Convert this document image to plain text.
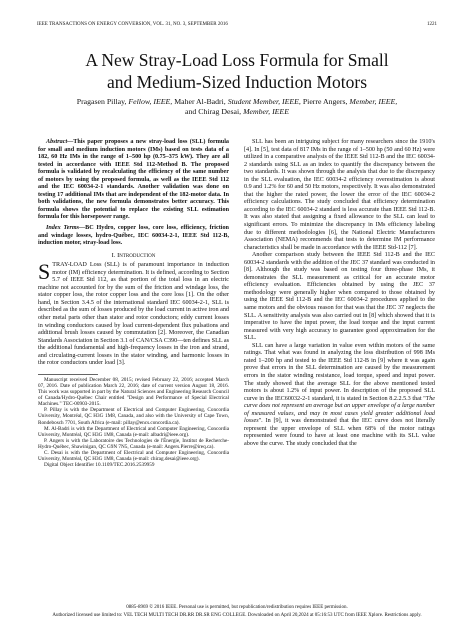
IEEE TRANSACTIONS ON ENERGY CONVERSION, VOL. 31, NO. 3, SEPTEMBER 2016	1221
A New Stray-Load Loss Formula for Small
and Medium-Sized Induction Motors
Pragasen Pillay, Fellow, IEEE, Maher Al-Badri, Student Member, IEEE, Pierre Angers, Member, IEEE,
and Chirag Desai, Member, IEEE

Abstract—This paper proposes a new stray-load loss (SLL) formula for small and medium induction motors (IMs) based on tests data of a 182, 60 Hz IMs in the range of 1–500 hp (0.75–375 kW). They are all tested in accordance with IEEE Std 112-Method B. The proposed formula is validated by recalculating the efficiency of the same number of motors by using the proposed formula, as well as the IEEE Std 112 and the IEC 60034-2-1 standards. Another validation was done on testing 17 additional IMs that are independent of the 182-motor data. In both validations, the new formula demonstrates better accuracy. This formula shows the potential to replace the existing SLL estimation formula for this horsepower range.

Index Terms—BC Hydro, copper loss, core loss, efficiency, friction and windage losses, hydro-Québec, IEC 60034-2-1, IEEE Std 112-B, induction motor, stray-load loss.

I. Introduction

STRAY-LOAD Loss (SLL) is of paramount importance in induction motor (IM) efficiency determination. It is defined, according to Section 5.7 of IEEE Std 112, as that portion of the total loss in an electric machine not accounted for by the sum of the friction and windage loss, the stator copper loss, the rotor copper loss and the core loss [1]. On the other hand, in Section 3.4.5 of the international standard IEC 60034-2-1, SLL is described as the sum of losses produced by the load current in active iron and other metal parts other than stator and rotor conductors; eddy current losses in winding conductors caused by load current-dependent flux pulsations and additional brush losses caused by commutation [2]. Moreover, the Canadian Standards Association in Section 3.1 of CAN/CSA C390—ten defines SLL as the additional fundamental and high-frequency losses in the iron and strand, and circulating-current losses in the stator winding, and harmonic losses in the rotor conductors under load [3].

Manuscript received December 08, 2015; revised February 22, 2016; accepted March 07, 2016. Date of publication March 22, 2016; date of current version August 18, 2016. This work was supported in part by the Natural Sciences and Engineering Research Council of Canada/Hydro-Québec Chair entitled "Design and Performance of Special Electrical Machines." TEC-00903-2015.

P. Pillay is with the Department of Electrical and Computer Engineering, Concordia University, Montréal, QC H3G 1M8, Canada, and also with the University of Cape Town, Rondebosch 7701, South Africa (e-mail: pillay@encs.concordia.ca).

M. Al-Badri is with the Department of Electrical and Computer Engineering, Concordia University, Montréal, QC H3G 1M8, Canada (e-mail: albadri@ieee.org).

P. Angers is with the Laboratoire des Technologies de l'Énergie, Institut de Recherche-Hydro-Québec, Shawinigan, QC G9N 7N5, Canada (e-mail: Angers.Pierre@ireq.ca).

C. Desai is with the Department of Electrical and Computer Engineering, Concordia University, Montréal, QC H3G 1M8, Canada (e-mail: chirag.desai@ieee.org).

Digital Object Identifier 10.1109/TEC.2016.2539959

SLL has been an intriguing subject for many researchers since the 1910's [4]. In [5], test data of 817 IMs in the range of 1–500 hp (50 and 60 Hz) were utilized in a comparative analysis of the IEEE Std 112-B and the IEC 60034-2 standards using SLL as an index to quantify the discrepancy between the two standards. It was shown through the analysis that due to the discrepancy in the SLL evaluation, the IEC 60034-2 efficiency overestimation is about 0.9 and 1.2% for 60 and 50 Hz motors, respectively. It was also demonstrated that the higher the rated power, the lower the error of the IEC 60034-2 efficiency calculations. The study concluded that efficiency determination according to the IEC 60034-2 standard is less accurate than IEEE Std 112-B. It was also stated that assigning a fixed allowance to the SLL can lead to significant errors. To minimize the discrepancy in IMs efficiency labeling due to different methodologies [6], the National Electric Manufacturers Association (NEMA) recommends that tests to determine IM performance characteristics shall be made in accordance with the IEEE Std-112 [7].

Another comparison study between the IEEE Std 112-B and the IEC 60034-2 standards with the addition of the JEC 37 standard was conducted in [8]. Although the study was based on testing four three-phase IMs, it demonstrates the SLL measurement as critical for an accurate motor efficiency evaluation. Efficiencies obtained by using the JEC 37 methodology were generally higher when compared to those obtained by using the IEEE Std 112-B and the IEC 60034-2 procedures applied to the same motors and the obvious reason for that was that the JEC 37 neglects the SLL. A sensitivity analysis was also carried out in [8] which showed that it is imperative to have the input power, the load torque and the input current measured with very high accuracy to guarantee good approximation for the SLL.

SLL can have a large variation in value even within motors of the same ratings. That what was found in analyzing the loss distribution of 998 IMs rated 1–200 hp and tested to the IEEE Std 112-B in [9] where it was again prove that errors in the SLL determination are caused by the measurement errors in the stator winding resistance, load torque, speed and input power. The study showed that the average SLL for the above mentioned tested motors is about 1.2% of input power. In description of the proposed SLL curve in the IEC60032-2-1 standard, it is stated in Section 8.2.2.5.3 that "The curve does not represent an average but an upper envelope of a large number of measured values, and may in most cases yield greater additional load losses". In [9], it was demonstrated that the IEC curve does not literally represent the upper envelope of SLL when 68% of the motor ratings represented were found to have at least one machine with its SLL value above the curve. The study concluded that the

0885-8969 © 2016 IEEE. Personal use is permitted, but republication/redistribution requires IEEE permission.
Authorized licensed use limited to: VEL TECH MULTI TECH DR.RR DR.SR ENG COLLEGE. Downloaded on April 20,2024 at 05:16:53 UTC from IEEE Xplore. Restrictions apply.
